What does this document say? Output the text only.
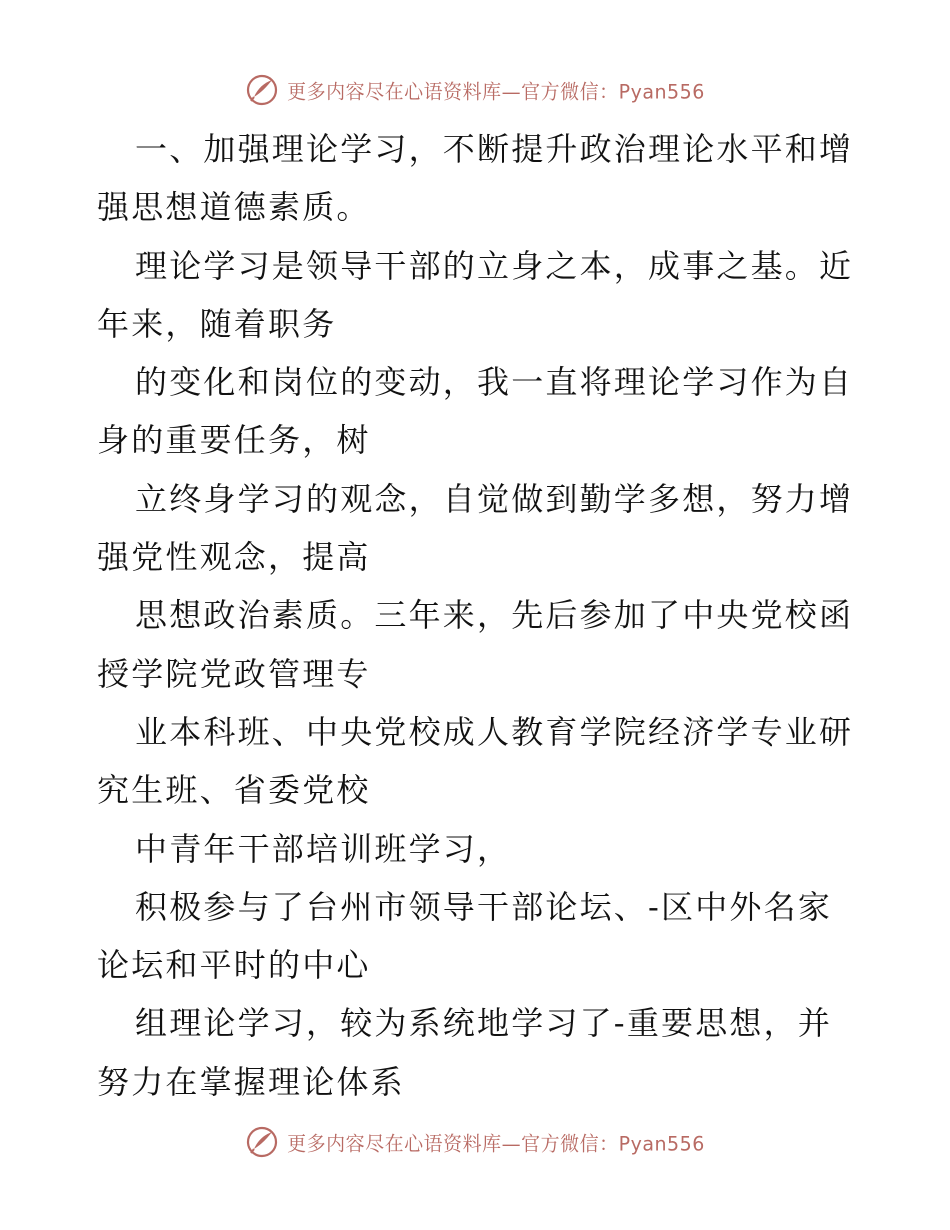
更多内容尽在心语资料库—官方微信：Pyan556
一、加强理论学习，不断提升政治理论水平和增
强思想道德素质。
理论学习是领导干部的立身之本，成事之基。近
年来，随着职务
的变化和岗位的变动，我一直将理论学习作为自
身的重要任务，树
立终身学习的观念，自觉做到勤学多想，努力增
强党性观念，提高
思想政治素质。三年来，先后参加了中央党校函
授学院党政管理专
业本科班、中央党校成人教育学院经济学专业研
究生班、省委党校
中青年干部培训班学习，
积极参与了台州市领导干部论坛、-区中外名家
论坛和平时的中心
组理论学习，较为系统地学习了-重要思想，并
努力在掌握理论体系
更多内容尽在心语资料库—官方微信：Pyan556
